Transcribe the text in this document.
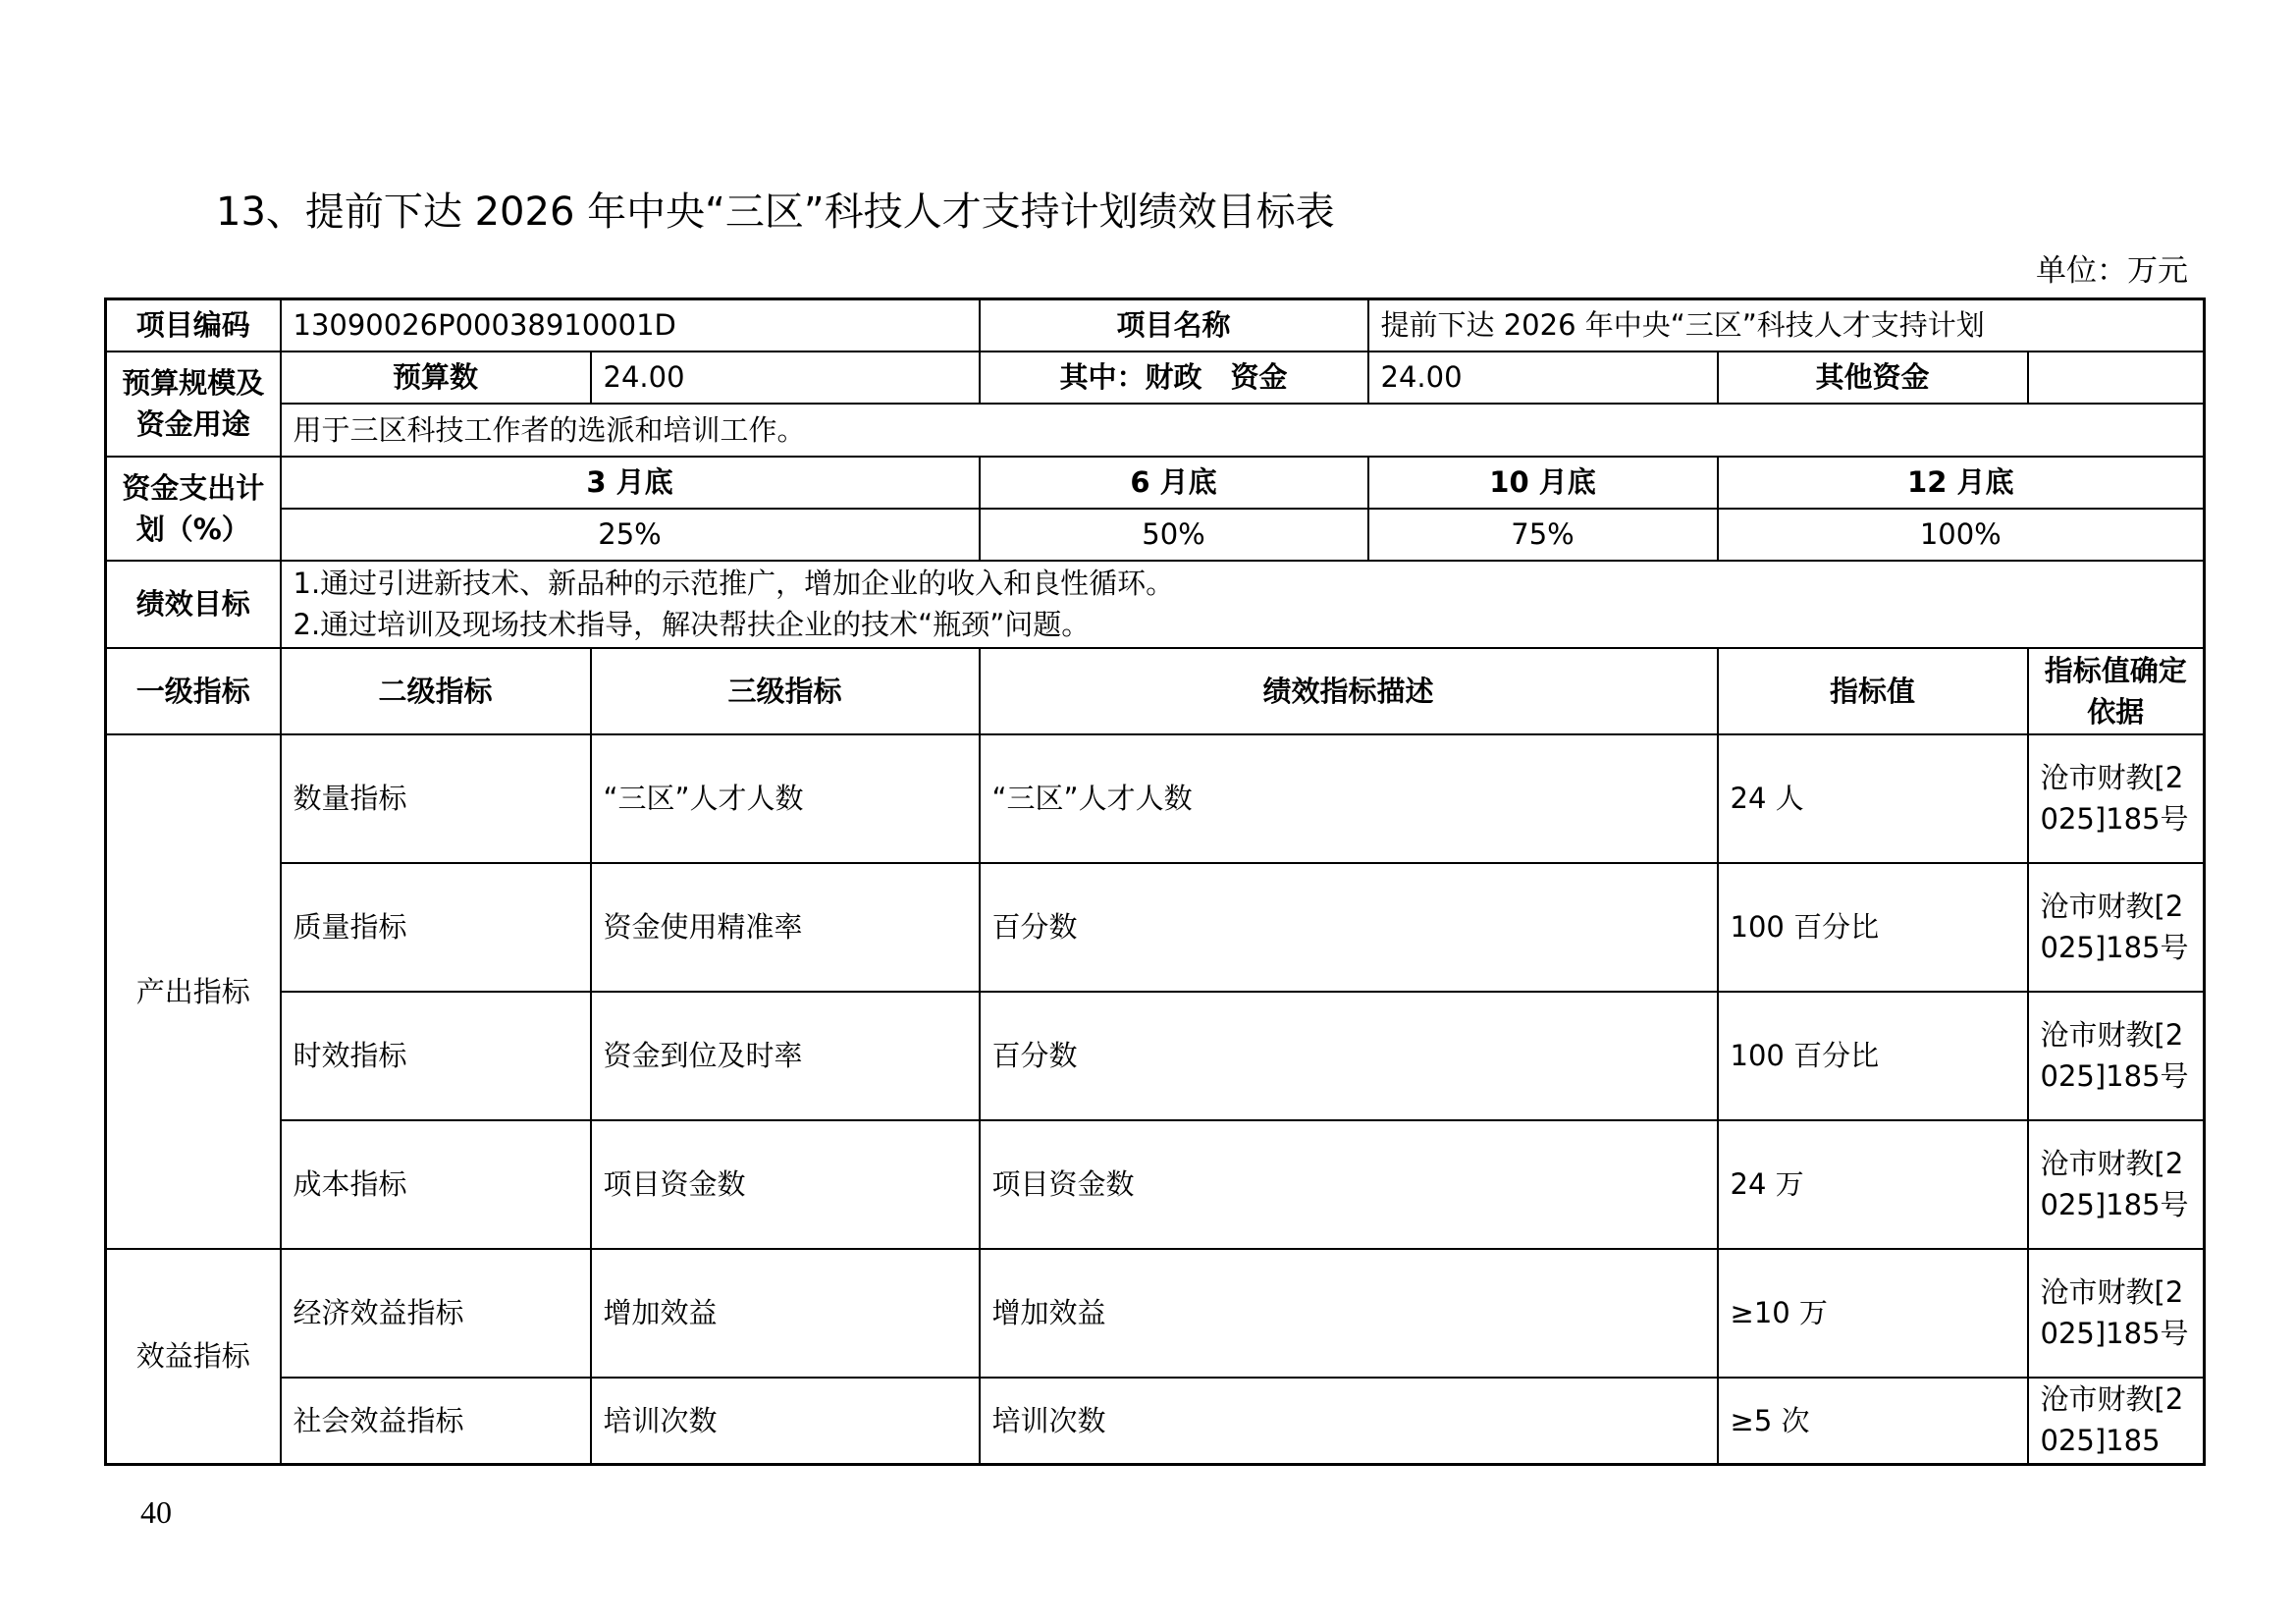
13、提前下达 2026 年中央“三区”科技人才支持计划绩效目标表
单位：万元
项目编码	13090026P00038910001D		项目名称	提前下达 2026 年中央“三区”科技人才支持计划		
预算规模及资金用途	预算数	24.00	其中：财政　资金	24.00	其他资金	
	用于三区科技工作者的选派和培训工作。					
资金支出计划（%）	3 月底		6 月底	10 月底	12 月底	
	25%		50%	75%	100%	
绩效目标	1.通过引进新技术、新品种的示范推广，增加企业的收入和良性循环。
2.通过培训及现场技术指导，解决帮扶企业的技术“瓶颈”问题。					

一级指标	二级指标	三级指标	绩效指标描述		指标值	指标值确定依据
产出指标	数量指标	“三区”人才人数	“三区”人才人数		24 人	沧市财教[2025]185号
	质量指标	资金使用精准率	百分数		100 百分比	沧市财教[2025]185号
	时效指标	资金到位及时率	百分数		100 百分比	沧市财教[2025]185号
	成本指标	项目资金数	项目资金数		24 万	沧市财教[2025]185号
效益指标	经济效益指标	增加效益	增加效益		≥10 万	沧市财教[2025]185号
	社会效益指标	培训次数	培训次数		≥5 次	沧市财教[2025]185
40
